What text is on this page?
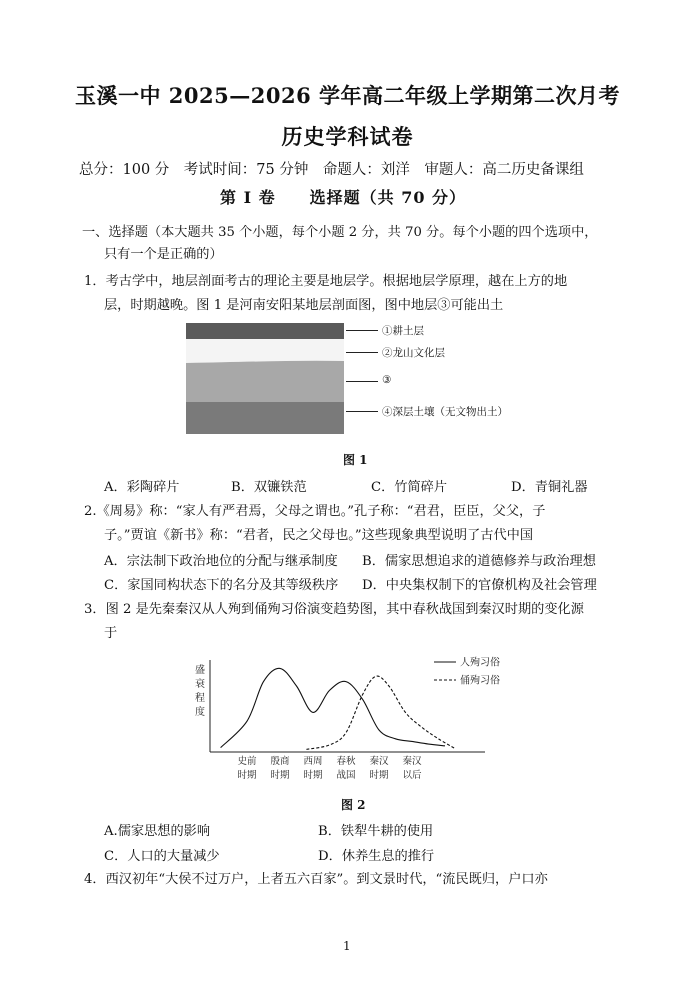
玉溪一中 2025—2026 学年高二年级上学期第二次月考
历史学科试卷
总分：100 分　考试时间：75 分钟　命题人：刘洋　审题人：高二历史备课组
第 I 卷　　选择题（共 70 分）
一、选择题（本大题共 35 个小题，每个小题 2 分，共 70 分。每个小题的四个选项中，
只有一个是正确的）
1．考古学中，地层剖面考古的理论主要是地层学。根据地层学原理，越在上方的地
层，时期越晚。图 1 是河南安阳某地层剖面图，图中地层③可能出土
①耕土层
②龙山文化层
③
④深层土壤（无文物出土）
图 1
A．彩陶碎片	B．双镰铁范	C．竹简碎片	D．青铜礼器
2.《周易》称：“家人有严君焉，父母之谓也。”孔子称：“君君，臣臣，父父，子
子。”贾谊《新书》称：“君者，民之父母也。”这些现象典型说明了古代中国
A．宗法制下政治地位的分配与继承制度 B．儒家思想追求的道德修养与政治理想
C．家国同构状态下的名分及其等级秩序 D．中央集权制下的官僚机构及社会管理
3．图 2 是先秦秦汉从人殉到俑殉习俗演变趋势图，其中春秋战国到秦汉时期的变化源
于
盛
衰
程
度
史前
时期
殷商
时期
西周
时期
春秋
战国
秦汉
时期
秦汉
以后
人殉习俗
俑殉习俗
图 2
A.儒家思想的影响	B．铁犁牛耕的使用
C．人口的大量减少	D．休养生息的推行
4．西汉初年“大侯不过万户，上者五六百家”。到文景时代，“流民既归，户口亦
1
